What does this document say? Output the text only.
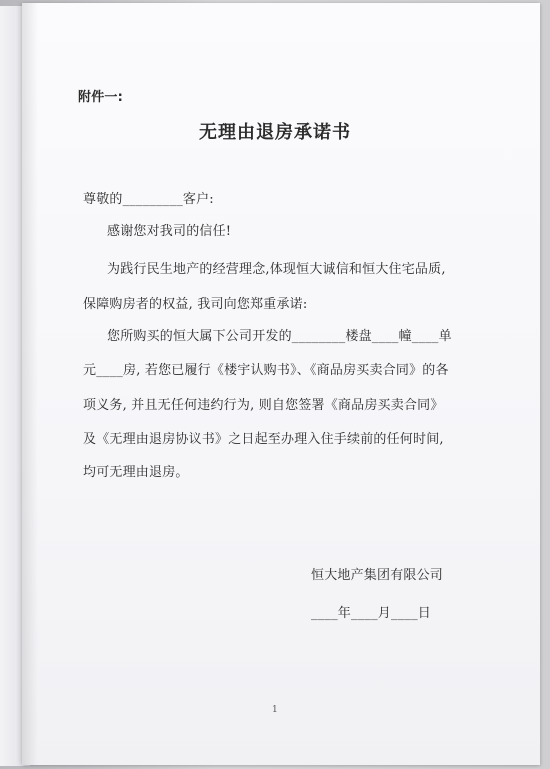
附件一:
无理由退房承诺书
尊敬的_________客户:
感谢您对我司的信任!
为践行民生地产的经营理念,体现恒大诚信和恒大住宅品质,
保障购房者的权益, 我司向您郑重承诺:
您所购买的恒大属下公司开发的________楼盘____幢____单
元____房, 若您已履行《楼宇认购书》、《商品房买卖合同》的各
项义务, 并且无任何违约行为, 则自您签署《商品房买卖合同》
及《无理由退房协议书》之日起至办理入住手续前的任何时间,
均可无理由退房。
恒大地产集团有限公司
____年____月____日
1
